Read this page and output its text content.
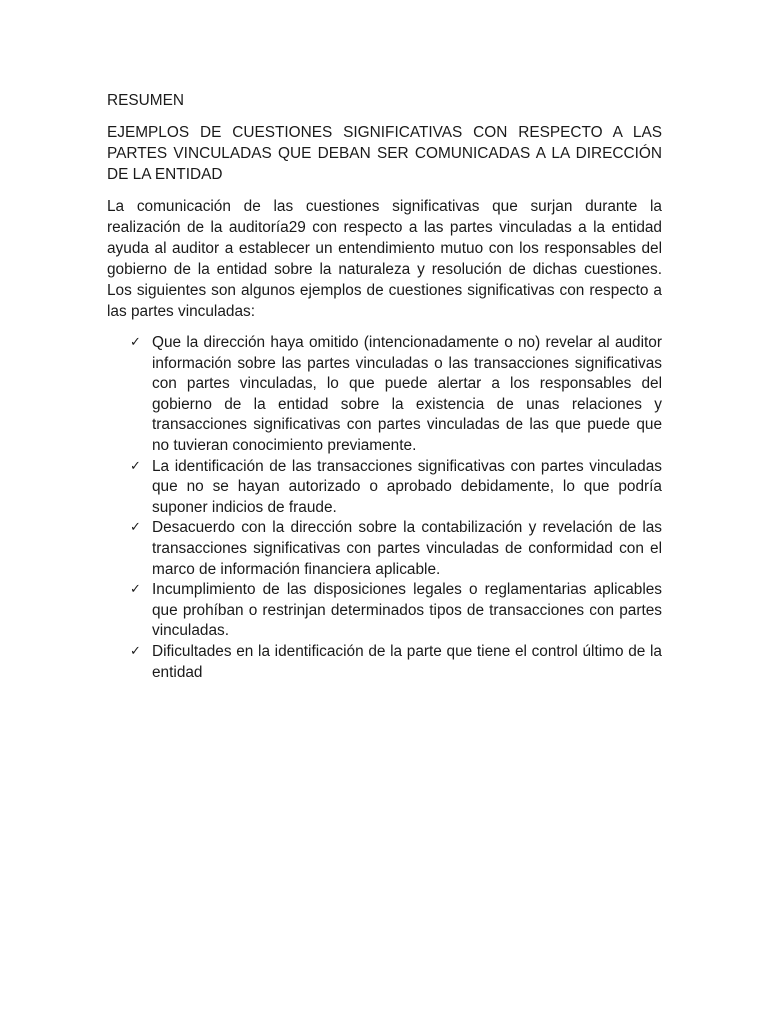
RESUMEN

EJEMPLOS DE CUESTIONES SIGNIFICATIVAS CON RESPECTO A LAS PARTES VINCULADAS QUE DEBAN SER COMUNICADAS A LA DIRECCIÓN DE LA ENTIDAD

La comunicación de las cuestiones significativas que surjan durante la realización de la auditoría29 con respecto a las partes vinculadas a la entidad ayuda al auditor a establecer un entendimiento mutuo con los responsables del gobierno de la entidad sobre la naturaleza y resolución de dichas cuestiones. Los siguientes son algunos ejemplos de cuestiones significativas con respecto a las partes vinculadas:

✓ Que la dirección haya omitido (intencionadamente o no) revelar al auditor información sobre las partes vinculadas o las transacciones significativas con partes vinculadas, lo que puede alertar a los responsables del gobierno de la entidad sobre la existencia de unas relaciones y transacciones significativas con partes vinculadas de las que puede que no tuvieran conocimiento previamente.
✓ La identificación de las transacciones significativas con partes vinculadas que no se hayan autorizado o aprobado debidamente, lo que podría suponer indicios de fraude.
✓ Desacuerdo con la dirección sobre la contabilización y revelación de las transacciones significativas con partes vinculadas de conformidad con el marco de información financiera aplicable.
✓ Incumplimiento de las disposiciones legales o reglamentarias aplicables que prohíban o restrinjan determinados tipos de transacciones con partes vinculadas.
✓ Dificultades en la identificación de la parte que tiene el control último de la entidad
